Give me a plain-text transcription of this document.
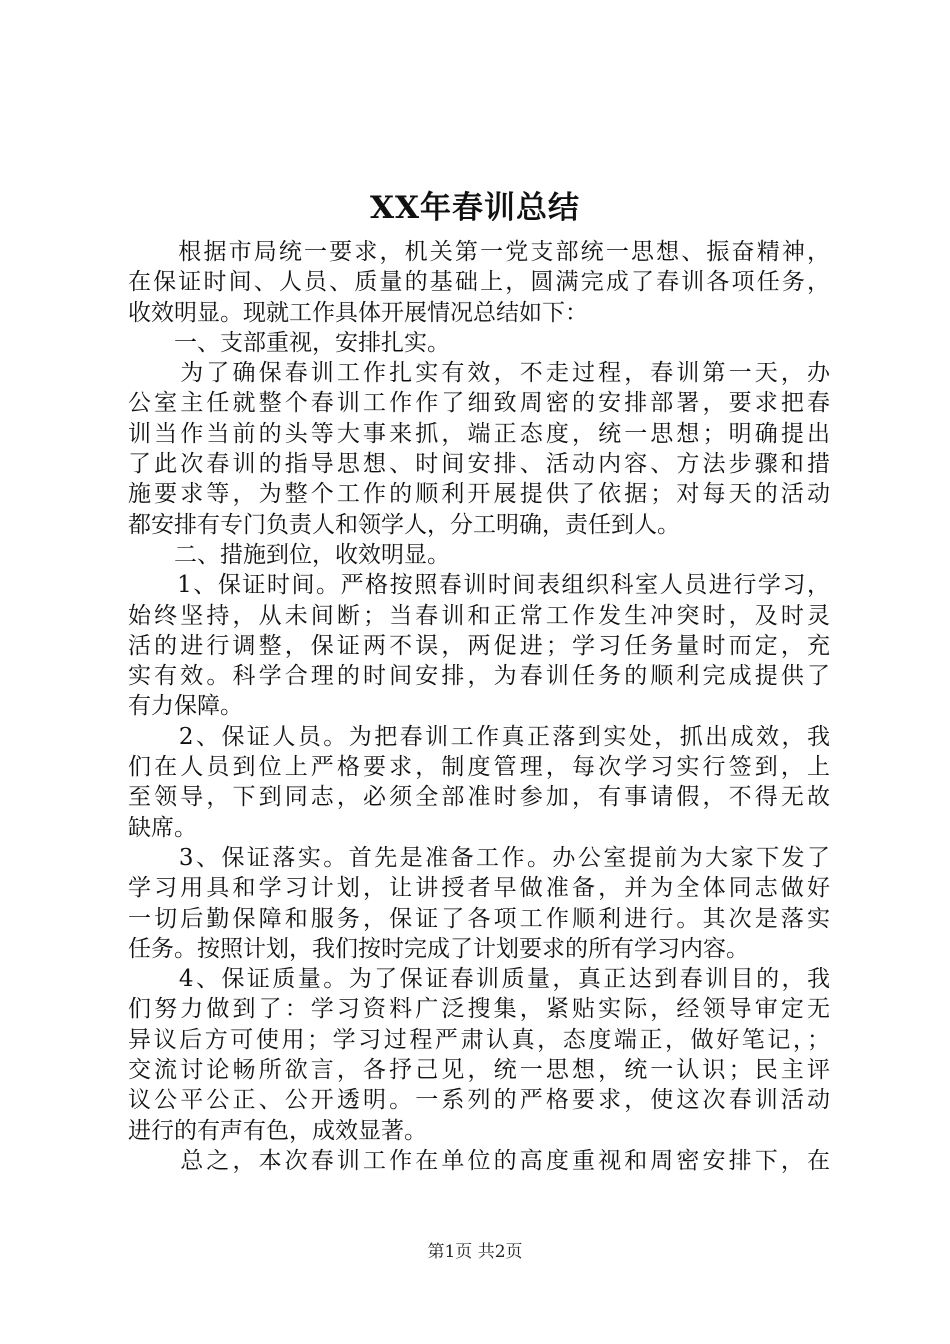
XX年春训总结
　　根据市局统一要求，机关第一党支部统一思想、振奋精神，
在保证时间、人员、质量的基础上，圆满完成了春训各项任务，
收效明显。现就工作具体开展情况总结如下：
　　一、支部重视，安排扎实。
　　为了确保春训工作扎实有效，不走过程，春训第一天，办
公室主任就整个春训工作作了细致周密的安排部署，要求把春
训当作当前的头等大事来抓，端正态度，统一思想；明确提出
了此次春训的指导思想、时间安排、活动内容、方法步骤和措
施要求等，为整个工作的顺利开展提供了依据；对每天的活动
都安排有专门负责人和领学人，分工明确，责任到人。
　　二、措施到位，收效明显。
　　1、保证时间。严格按照春训时间表组织科室人员进行学习，
始终坚持，从未间断；当春训和正常工作发生冲突时，及时灵
活的进行调整，保证两不误，两促进；学习任务量时而定，充
实有效。科学合理的时间安排，为春训任务的顺利完成提供了
有力保障。
　　2、保证人员。为把春训工作真正落到实处，抓出成效，我
们在人员到位上严格要求，制度管理，每次学习实行签到，上
至领导，下到同志，必须全部准时参加，有事请假，不得无故
缺席。
　　3、保证落实。首先是准备工作。办公室提前为大家下发了
学习用具和学习计划，让讲授者早做准备，并为全体同志做好
一切后勤保障和服务，保证了各项工作顺利进行。其次是落实
任务。按照计划，我们按时完成了计划要求的所有学习内容。
　　4、保证质量。为了保证春训质量，真正达到春训目的，我
们努力做到了：学习资料广泛搜集，紧贴实际，经领导审定无
异议后方可使用；学习过程严肃认真，态度端正，做好笔记，；
交流讨论畅所欲言，各抒己见，统一思想，统一认识；民主评
议公平公正、公开透明。一系列的严格要求，使这次春训活动
进行的有声有色，成效显著。
　　总之，本次春训工作在单位的高度重视和周密安排下，在
第1页 共2页
